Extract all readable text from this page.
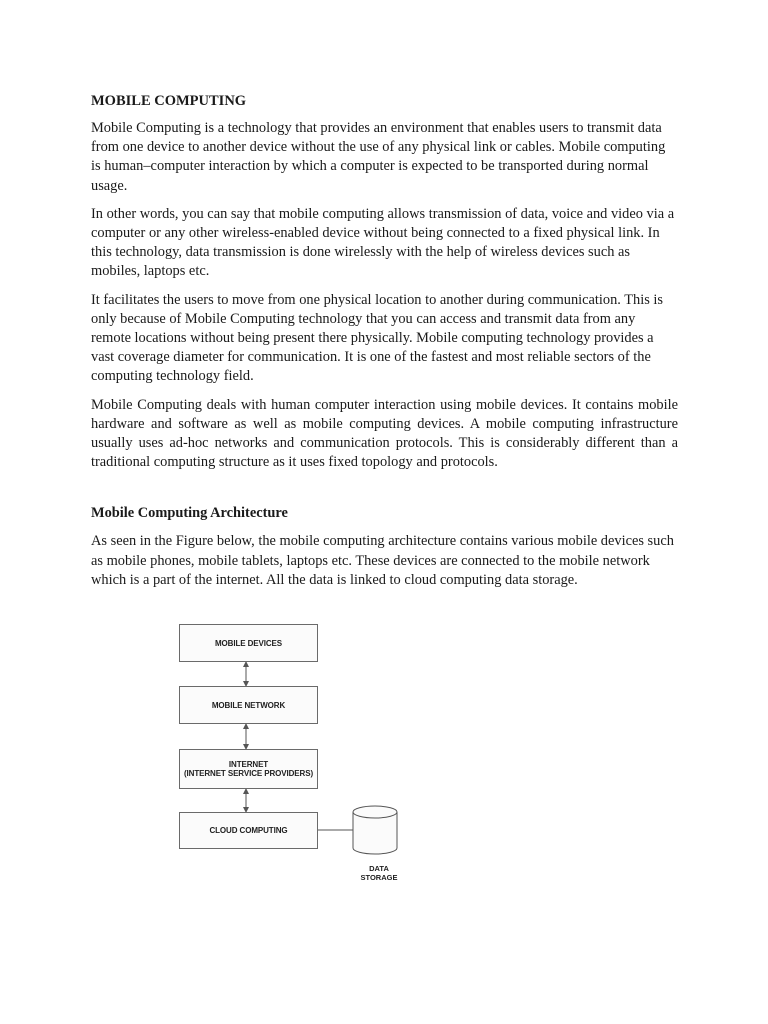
MOBILE COMPUTING

Mobile Computing is a technology that provides an environment that enables users to transmit data from one device to another device without the use of any physical link or cables. Mobile computing is human–computer interaction by which a computer is expected to be transported during normal usage.

In other words, you can say that mobile computing allows transmission of data, voice and video via a computer or any other wireless-enabled device without being connected to a fixed physical link. In this technology, data transmission is done wirelessly with the help of wireless devices such as mobiles, laptops etc.

It facilitates the users to move from one physical location to another during communication. This is only because of Mobile Computing technology that you can access and transmit data from any remote locations without being present there physically. Mobile computing technology provides a vast coverage diameter for communication. It is one of the fastest and most reliable sectors of the computing technology field.

Mobile Computing deals with human computer interaction using mobile devices. It contains mobile hardware and software as well as mobile computing devices. A mobile computing infrastructure usually uses ad-hoc networks and communication protocols. This is considerably different than a traditional computing structure as it uses fixed topology and protocols.

Mobile Computing Architecture

As seen in the Figure below, the mobile computing architecture contains various mobile devices such as mobile phones, mobile tablets, laptops etc. These devices are connected to the mobile network which is a part of the internet. All the data is linked to cloud computing data storage.

MOBILE DEVICES
MOBILE NETWORK
INTERNET
(INTERNET SERVICE PROVIDERS)
CLOUD COMPUTING
DATA
STORAGE
